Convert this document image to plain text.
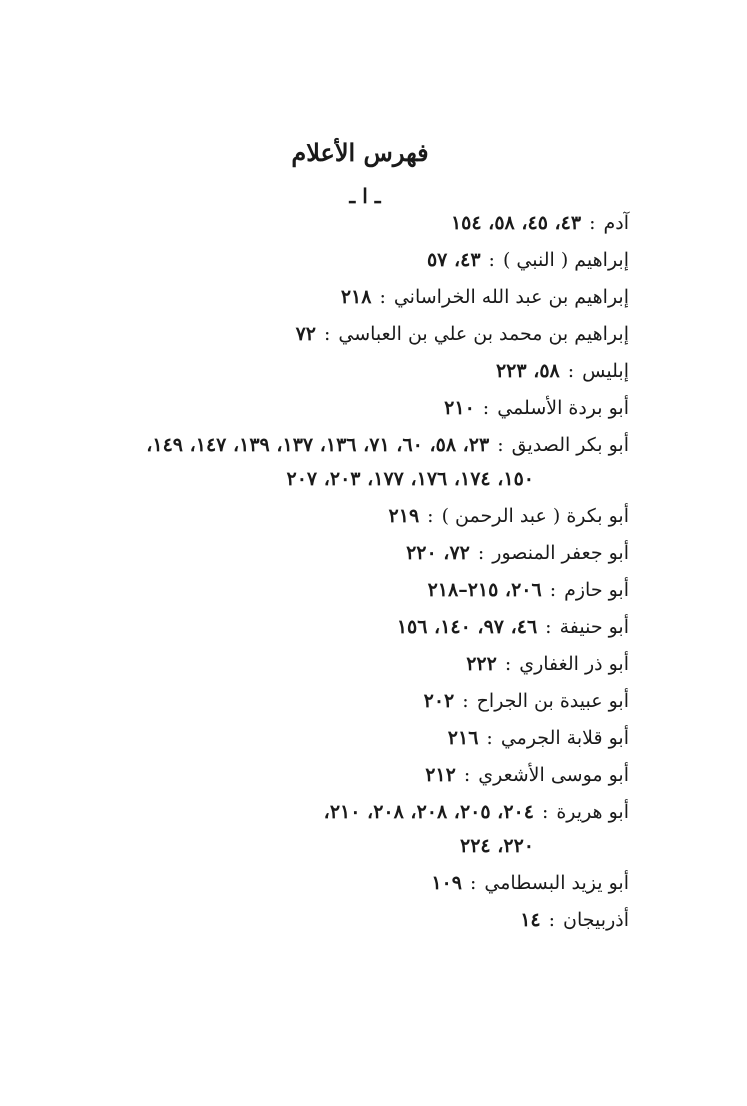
فهرس الأعلام
ـ ا ـ
آدم:٤٣، ٤٥، ٥٨، ١٥٤
إبراهيم ( النبي ):٤٣، ٥٧
إبراهيم بن عبد الله الخراساني:٢١٨
إبراهيم بن محمد بن علي بن العباسي:٧٢
إبليس:٥٨، ٢٢٣
أبو بردة الأسلمي:٢١٠
أبو بكر الصديق:٢٣، ٥٨، ٦٠، ٧١، ١٣٦، ١٣٧، ١٣٩، ١٤٧، ١٤٩،
١٥٠، ١٧٤، ١٧٦، ١٧٧، ٢٠٣، ٢٠٧
أبو بكرة ( عبد الرحمن ):٢١٩
أبو جعفر المنصور:٧٢، ٢٢٠
أبو حازم:٢٠٦، ٢١٥–٢١٨
أبو حنيفة:٤٦، ٩٧، ١٤٠، ١٥٦
أبو ذر الغفاري:٢٢٢
أبو عبيدة بن الجراح:٢٠٢
أبو قلابة الجرمي:٢١٦
أبو موسى الأشعري:٢١٢
أبو هريرة:٢٠٤، ٢٠٥، ٢٠٨، ٢٠٨، ٢١٠،
٢٢٠، ٢٢٤
أبو يزيد البسطامي:١٠٩
أذربيجان:١٤
